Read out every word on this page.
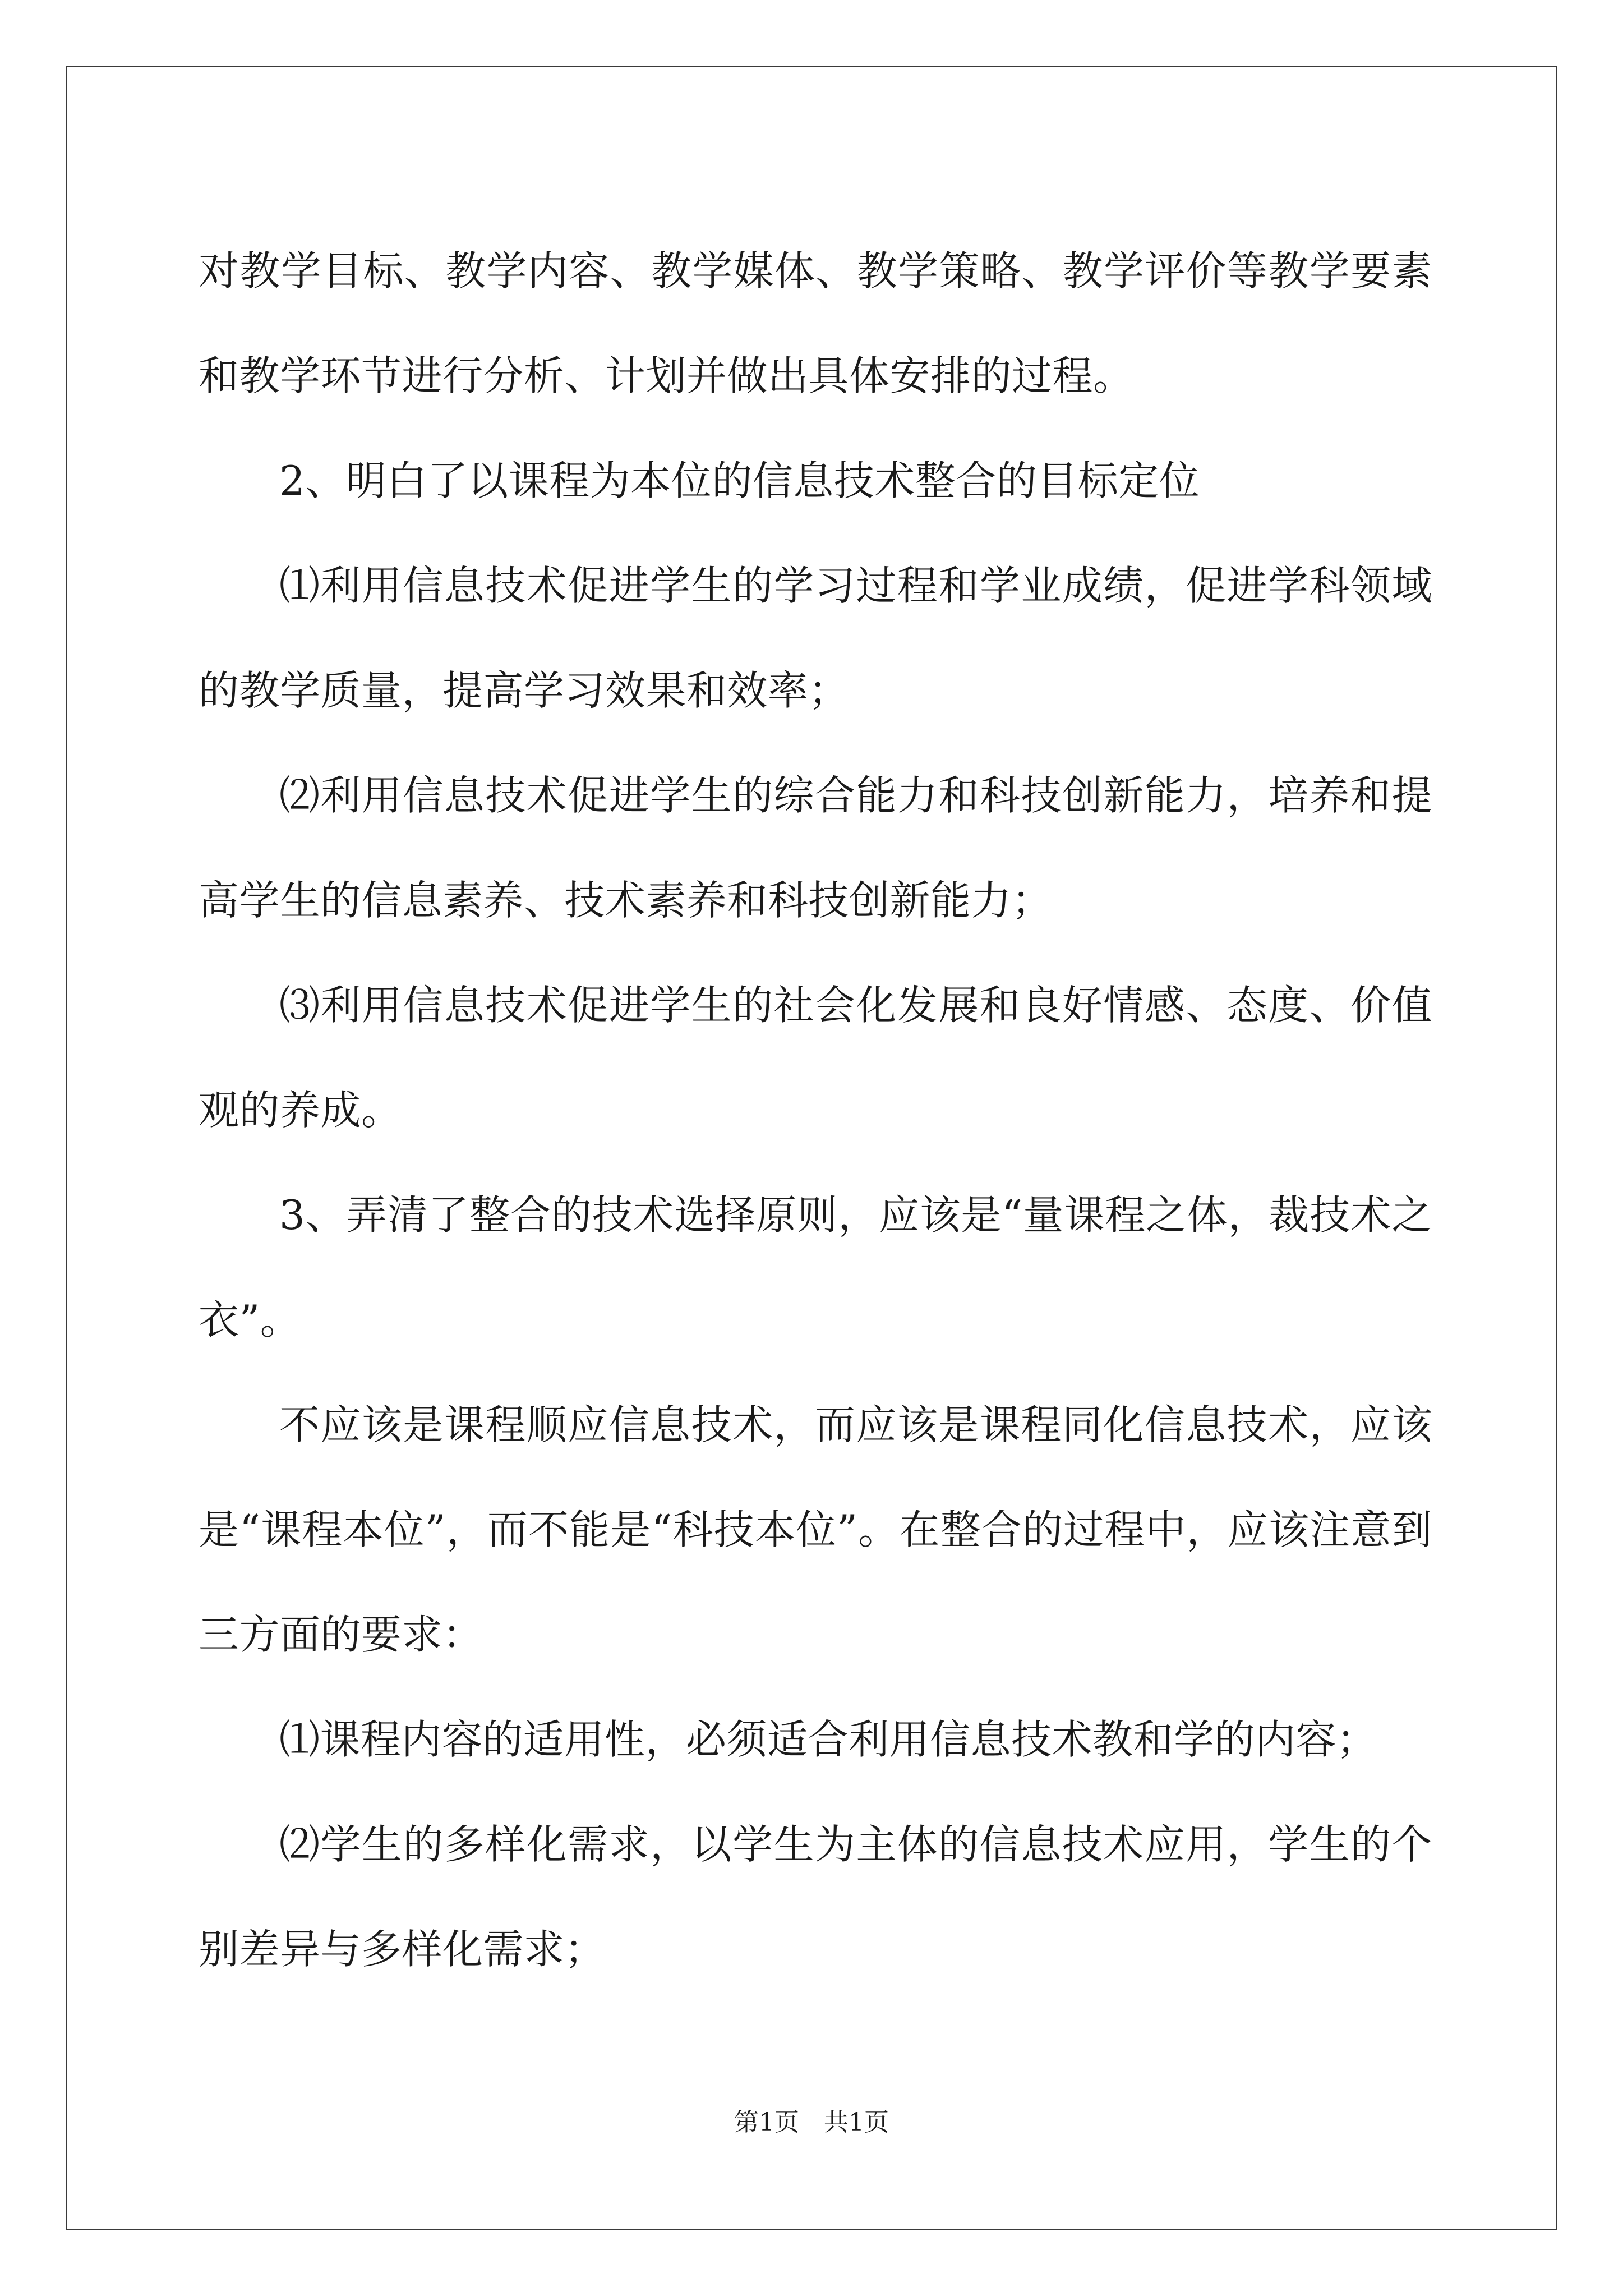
对教学目标、教学内容、教学媒体、教学策略、教学评价等教学要素和教学环节进行分析、计划并做出具体安排的过程。

2、明白了以课程为本位的信息技术整合的目标定位

⑴利用信息技术促进学生的学习过程和学业成绩，促进学科领域的教学质量，提高学习效果和效率；

⑵利用信息技术促进学生的综合能力和科技创新能力，培养和提高学生的信息素养、技术素养和科技创新能力；

⑶利用信息技术促进学生的社会化发展和良好情感、态度、价值观的养成。

3、弄清了整合的技术选择原则，应该是“量课程之体，裁技术之衣”。

不应该是课程顺应信息技术，而应该是课程同化信息技术，应该是“课程本位”，而不能是“科技本位”。在整合的过程中，应该注意到三方面的要求：

⑴课程内容的适用性，必须适合利用信息技术教和学的内容；

⑵学生的多样化需求，以学生为主体的信息技术应用，学生的个别差异与多样化需求；

第1页　共1页
